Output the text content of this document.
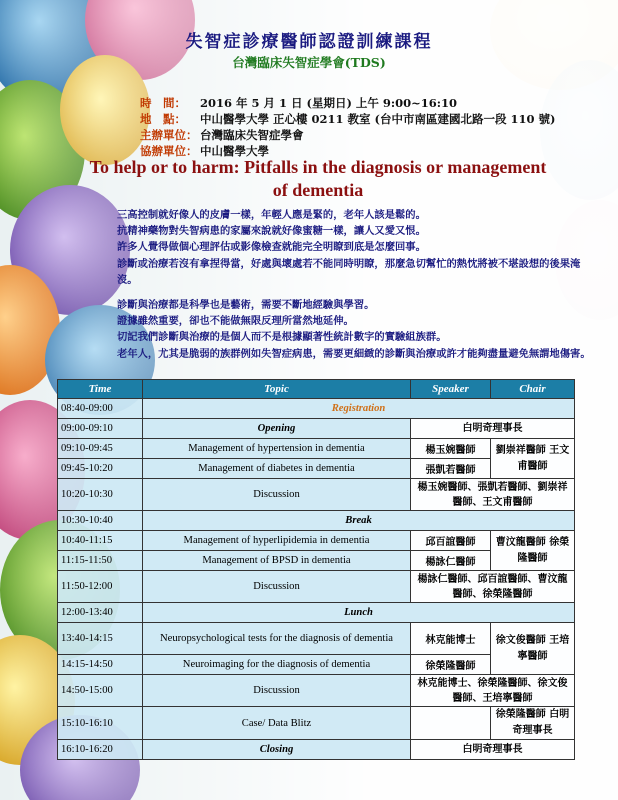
失智症診療醫師認證訓練課程
台灣臨床失智症學會(TDS)
時　間： 2016 年 5 月 1 日 (星期日) 上午 9:00~16:10
地　點： 中山醫學大學 正心樓 0211 教室 (台中市南區建國北路一段 110 號)
主辦單位： 台灣臨床失智症學會
協辦單位： 中山醫學大學
To help or to harm: Pitfalls in the diagnosis or management of dementia

三高控制就好像人的皮膚一樣，年輕人應是緊的，老年人該是鬆的。

抗精神藥物對失智病患的家屬來說就好像蜜糖一樣，讓人又愛又恨。

許多人覺得做個心理評估或影像檢查就能完全明瞭到底是怎麼回事。

診斷或治療若沒有拿捏得當，好處與壞處若不能同時明瞭，那麼急切幫忙的熱忱將被不堪設想的後果淹沒。

診斷與治療都是科學也是藝術，需要不斷地經驗與學習。

證據雖然重要，卻也不能做無限反理所當然地延伸。

切記我們診斷與治療的是個人而不是根據顯著性統計數字的實驗組族群。

老年人，尤其是脆弱的族群例如失智症病患，需要更細緻的診斷與治療或許才能夠盡量避免無謂地傷害。

Time	Topic	Speaker	Chair
08:40-09:00	Registration		
09:00-09:10	Opening	白明奇理事長	
09:10-09:45	Management of hypertension in dementia	楊玉婉醫師	劉崇祥醫師 王文甫醫師
09:45-10:20	Management of diabetes in dementia	張凱若醫師	
10:20-10:30	Discussion	楊玉婉醫師、張凱若醫師、劉崇祥醫師、王文甫醫師	
10:30-10:40	Break		
10:40-11:15	Management of hyperlipidemia in dementia	邱百誼醫師	曹汶龍醫師 徐榮隆醫師
11:15-11:50	Management of BPSD in dementia	楊詠仁醫師	
11:50-12:00	Discussion	楊詠仁醫師、邱百誼醫師、曹汶龍醫師、徐榮隆醫師	
12:00-13:40	Lunch		
13:40-14:15	Neuropsychological tests for the diagnosis of dementia	林克能博士	徐文俊醫師 王培寧醫師
14:15-14:50	Neuroimaging for the diagnosis of dementia	徐榮隆醫師	
14:50-15:00	Discussion	林克能博士、徐榮隆醫師、徐文俊醫師、王培寧醫師	
15:10-16:10	Case/ Data Blitz		徐榮隆醫師 白明奇理事長
16:10-16:20	Closing	白明奇理事長	
